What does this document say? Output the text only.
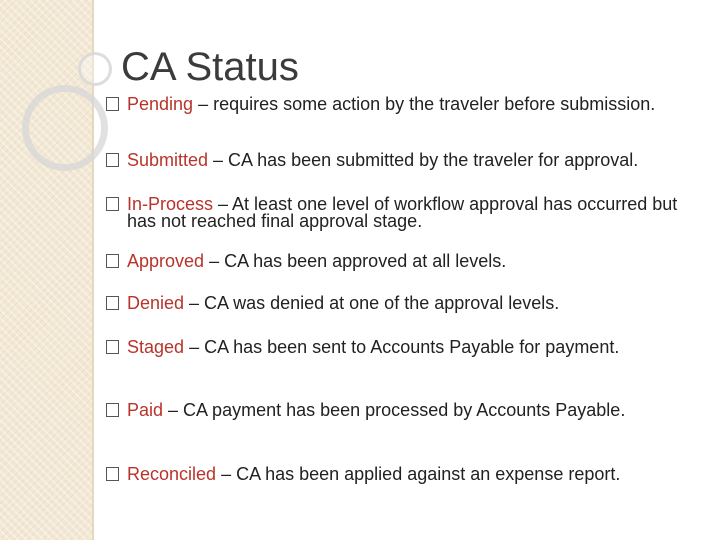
CA Status
Pending – requires some action by the traveler before submission.
Submitted – CA has been submitted by the traveler for approval.
In-Process – At least one level of workflow approval has occurred but has not reached final approval stage.
Approved – CA has been approved at all levels.
Denied – CA was denied at one of the approval levels.
Staged – CA has been sent to Accounts Payable for payment.
Paid – CA payment has been processed by Accounts Payable.
Reconciled – CA has been applied against an expense report.
